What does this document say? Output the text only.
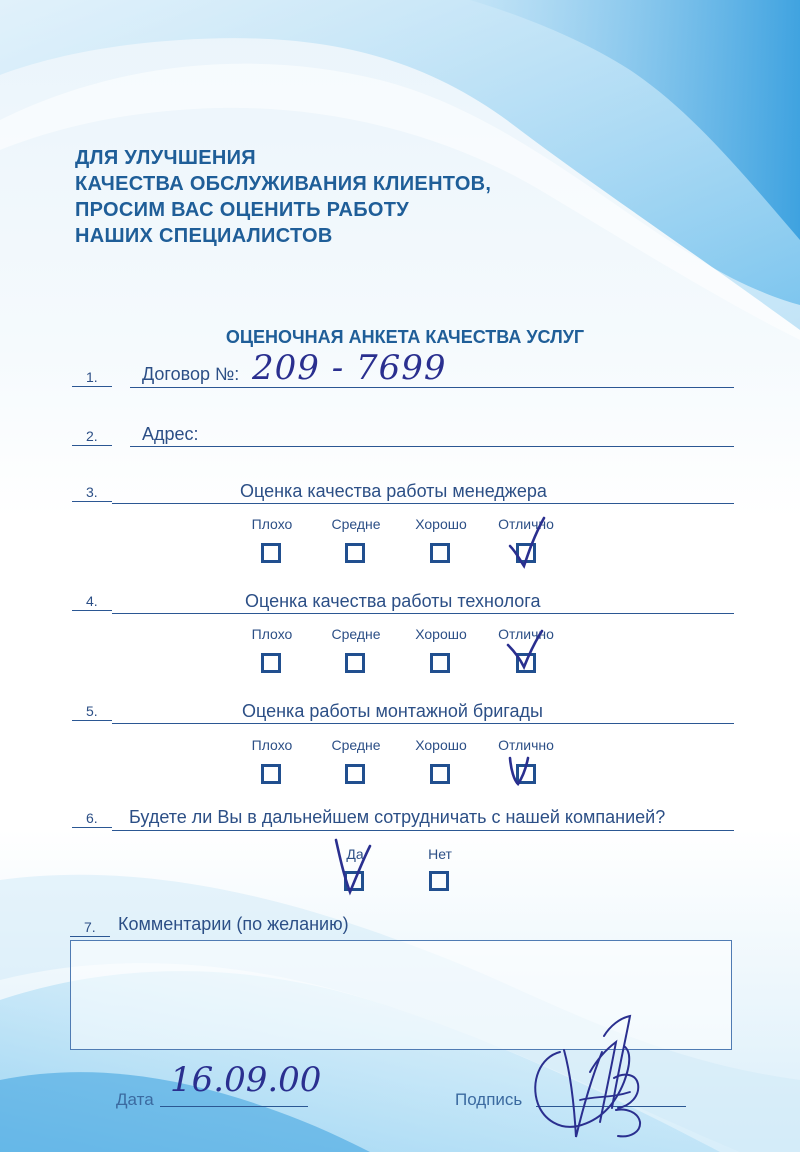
ДЛЯ УЛУЧШЕНИЯ
КАЧЕСТВА ОБСЛУЖИВАНИЯ КЛИЕНТОВ,
ПРОСИМ ВАС ОЦЕНИТЬ РАБОТУ
НАШИХ СПЕЦИАЛИСТОВ
ОЦЕНОЧНАЯ АНКЕТА КАЧЕСТВА УСЛУГ
1. Договор №: 209 - 7699
2. Адрес:
3.	Оценка качества работы менеджера
Плохо	Средне Хорошо Отлично
4.	Оценка качества работы технолога
Плохо	Средне Хорошо Отлично
5.	Оценка работы монтажной бригады
Плохо	Средне Хорошо Отлично
6. Будете ли Вы в дальнейшем сотрудничать с нашей компанией?
Да	Нет
7. Комментарии (по желанию)
Дата 16.09.00	Подпись
